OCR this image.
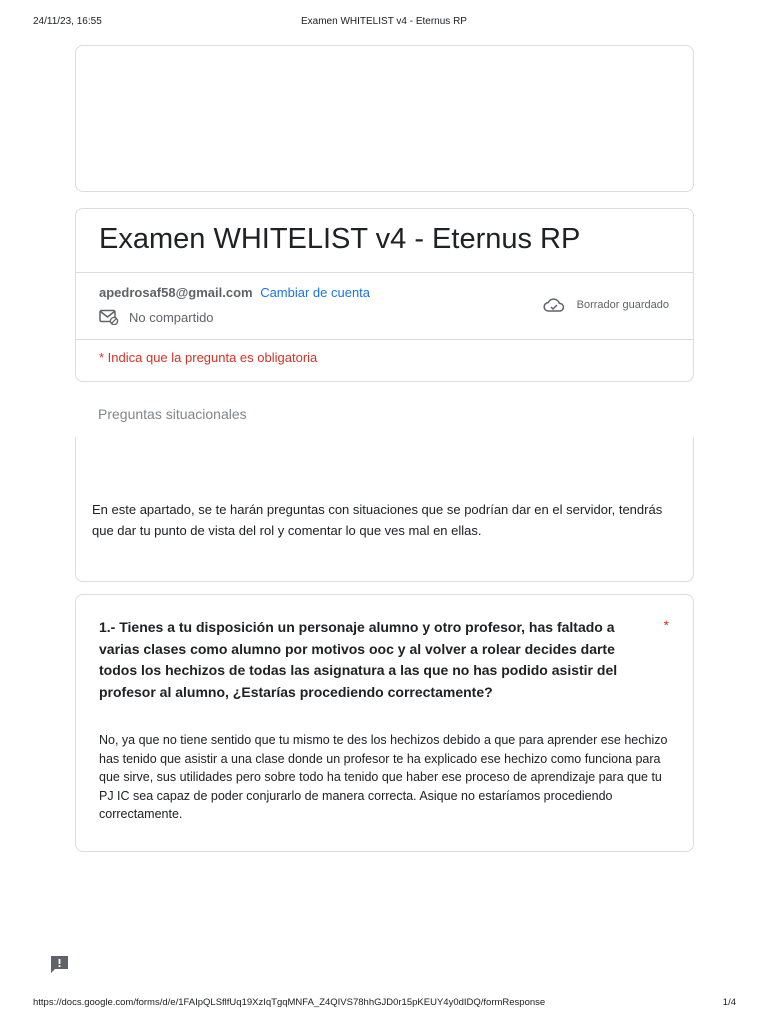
24/11/23, 16:55	Examen WHITELIST v4 - Eternus RP
Examen WHITELIST v4 - Eternus RP
apedrosaf58@gmail.com Cambiar de cuenta
No compartido
Borrador guardado
* Indica que la pregunta es obligatoria
Preguntas situacionales
En este apartado, se te harán preguntas con situaciones que se podrían dar en el servidor, tendrás que dar tu punto de vista del rol y comentar lo que ves mal en ellas.
1.- Tienes a tu disposición un personaje alumno y otro profesor, has faltado a varias clases como alumno por motivos ooc y al volver a rolear decides darte todos los hechizos de todas las asignatura a las que no has podido asistir del profesor al alumno, ¿Estarías procediendo correctamente?
*
No, ya que no tiene sentido que tu mismo te des los hechizos debido a que para aprender ese hechizo has tenido que asistir a una clase donde un profesor te ha explicado ese hechizo como funciona para que sirve, sus utilidades pero sobre todo ha tenido que haber ese proceso de aprendizaje para que tu PJ IC sea capaz de poder conjurarlo de manera correcta. Asique no estaríamos procediendo correctamente.
https://docs.google.com/forms/d/e/1FAIpQLSflfUq19XzIqTgqMNFA_Z4QIVS78hhGJD0r15pKEUY4y0dIDQ/formResponse	1/4
